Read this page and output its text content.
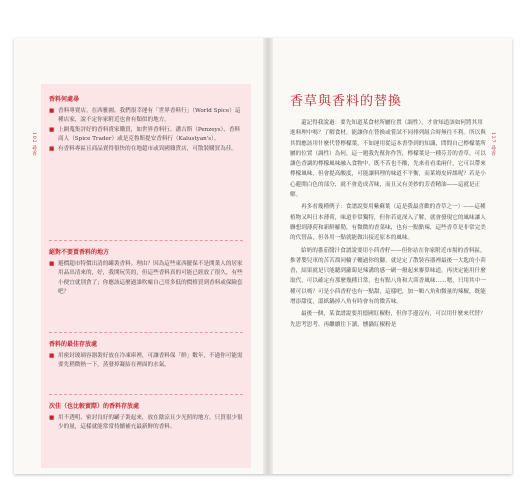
102 尋香	127 尋香
香料何處尋
■ 香料專賣店。在西雅圖，我們很幸運有「世界香料行」（World Spice）這種店家，說不定你家附近也會有類似的地方。
■ 上網蒐集評好的香料賣家購買，如世界香料行、潘吉斯（Penzeys）、香料商人（Spice Trader）或是克魯斯提安香料行（Kalustyan's）。
■ 有香料專區且商品賣得很快的在地超市或異國雜貨店，可散裝購買為佳。
絕對不要買香料的地方
■ 避價超市特價出清的罐裝香料。理由？因為這些東西擺保不是開業人的居家用品出清來的，好，我開玩笑的，但這些香料真的可能已經放了很久，有些小便宜就別貪了；你應該這麼過誰吹噓自己用多低的價格買到香料或保險套吧？
香料的最佳存放處
■ 用密封玻璃容器裝好放在冷凍庫裡，可讓香料保「鮮」數年，不過你可能需要先稍微熱一下，蒸發掉凝結在裡面的水氣。
次佳（也比較實際）的香料存放處
■ 用不透明、密封良好的罐子裝起來，放在陰涼且少光照的地方，只買很少很少的量，這樣就能常常持續補充最新鮮的香料。
香草與香料的替換

還記得我說過：要先知道某食材所屬位置（調性），才會知道該如何將其用進料理中嗎？了解食材，能讓你在替換或嘗試不同排列組合時無往不利。所以與其問應該用什麼代替檸檬葉，不如運用從這本書學到的知識，問問自己檸檬葉所屬的位置（調性）為何，這一題我先幫你作答，檸檬葉是一種芬芳的香草，可以讓色香調的檸檬風味融入食物中，既不苦也不酸，先來看看柔兩什，它可以帶來檸檬風味，但會提高酸度，可能讓料理的味道不平衡，而萊姆皮碎絲呢？若是小心避開白色的部分，就不會造成苦味，而且又有美妙的芳香精油——這就是正解。

再多看幾種例子：食譜說要用紫蘇葉（這是我最喜歡的香草之一）——這種植物又叫日本薄荷，味道非常獨特，但你若更深入了解，就會發現它的風味讓人聯想到薄荷和新鮮羅勒，有微微的香菜味，也有一點點辣，這些香草是非常完美的代替品，但各用一點就能做出接近原本的風味。

給奶的番茄醬汁食譜說要用小茴香籽——但你站在你家附近市場的香料區，推著嬰兒車的苦苦溜同輪子轆過你的腳，就是定了散裝容器裡最後一大匙的小茴香，結果就是只能聽到蘿蔔是辣溝的感一刷一撥起來審算味道，再決定能用什麼取代，可以確定有那麼幾種日常，也有點八角和大茴香風味……嗯，只用其中一種可以嗎？可是小茴香籽也有一點甜，這樣吧，加一顆八角和微量的辣椒，既能增添甜度，溫紙鍋掉八角有時會有的微苦味。

最後一個，某食譜說要用德國紅椒粉，但你手邊沒有，可以用什麼來代替？先思考思考，再繼續往下讀，燻鍋紅椒粉是
